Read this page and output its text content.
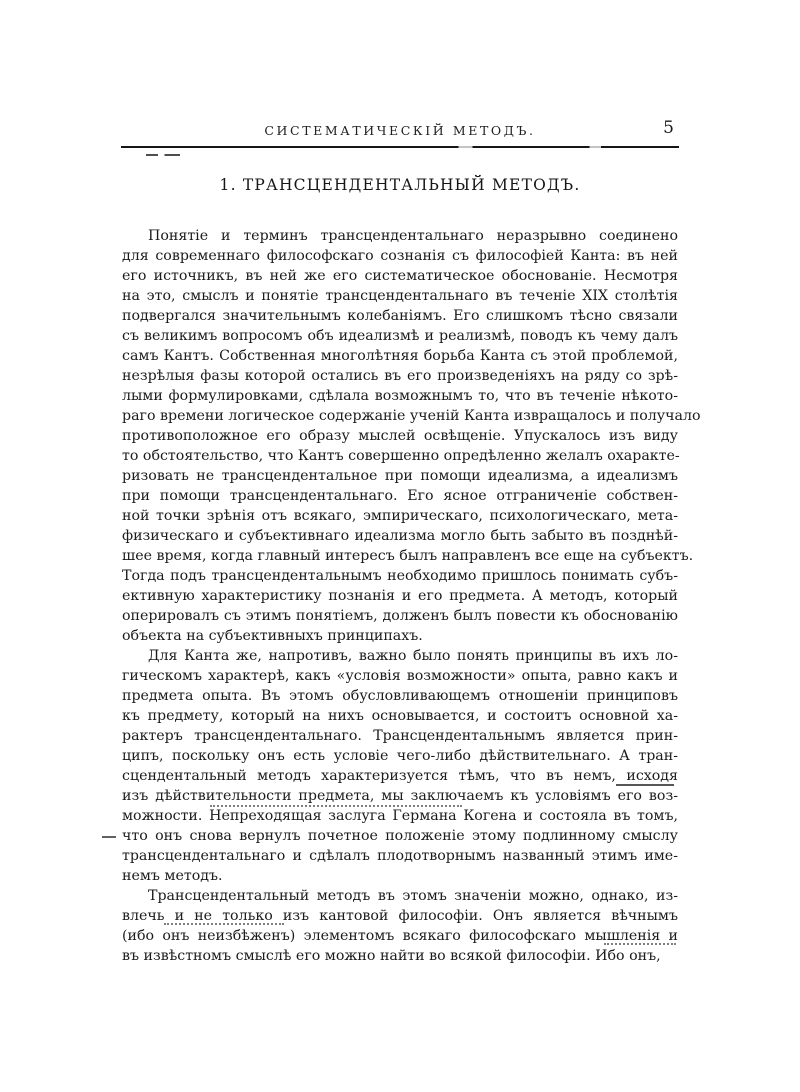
СИСТЕМАТИЧЕСКІЙ МЕТОДЪ.	5
1. ТРАНСЦЕНДЕНТАЛЬНЫЙ МЕТОДЪ.
Понятіе и терминъ трансцендентальнаго неразрывно соединено
для современнаго философскаго сознанія съ философіей Канта: въ ней
его источникъ, въ ней же его систематическое обоснованіе. Несмотря
на это, смыслъ и понятіе трансцендентальнаго въ теченіе XIX столѣтія
подвергался значительнымъ колебаніямъ. Его слишкомъ тѣсно связали
съ великимъ вопросомъ объ идеализмѣ и реализмѣ, поводъ къ чему далъ
самъ Кантъ. Собственная многолѣтняя борьба Канта съ этой проблемой,
незрѣлыя фазы которой остались въ его произведеніяхъ на ряду со зрѣ-
лыми формулировками, сдѣлала возможнымъ то, что въ теченіе нѣкото-
раго времени логическое содержаніе ученій Канта извращалось и получало
противоположное его образу мыслей освѣщеніе. Упускалось изъ виду
то обстоятельство, что Кантъ совершенно опредѣленно желалъ охаракте-
ризовать не трансцендентальное при помощи идеализма, а идеализмъ
при помощи трансцендентальнаго. Его ясное отграниченіе собствен-
ной точки зрѣнія отъ всякаго, эмпирическаго, психологическаго, мета-
физическаго и субъективнаго идеализма могло быть забыто въ позднѣй-
шее время, когда главный интересъ былъ направленъ все еще на субъектъ.
Тогда подъ трансцендентальнымъ необходимо пришлось понимать субъ-
ективную характеристику познанія и его предмета. А методъ, который
оперировалъ съ этимъ понятіемъ, долженъ былъ повести къ обоснованію
объекта на субъективныхъ принципахъ.
Для Канта же, напротивъ, важно было понять принципы въ ихъ ло-
гическомъ характерѣ, какъ «условія возможности» опыта, равно какъ и
предмета опыта. Въ этомъ обусловливающемъ отношеніи принциповъ
къ предмету, который на нихъ основывается, и состоитъ основной ха-
рактеръ трансцендентальнаго. Трансцендентальнымъ является прин-
ципъ, поскольку онъ есть условіе чего-либо дѣйствительнаго. А тран-
сцендентальный методъ характеризуется тѣмъ, что въ немъ, исходя
изъ дѣйствительности предмета, мы заключаемъ къ условіямъ его воз-
можности. Непреходящая заслуга Германа Когена и состояла въ томъ,
что онъ снова вернулъ почетное положеніе этому подлинному смыслу
трансцендентальнаго и сдѣлалъ плодотворнымъ названный этимъ име-
немъ методъ.
Трансцендентальный методъ въ этомъ значеніи можно, однако, из-
влечь и не только изъ кантовой философіи. Онъ является вѣчнымъ
(ибо онъ неизбѣженъ) элементомъ всякаго философскаго мышленія и
въ извѣстномъ смыслѣ его можно найти во всякой философіи. Ибо онъ,
